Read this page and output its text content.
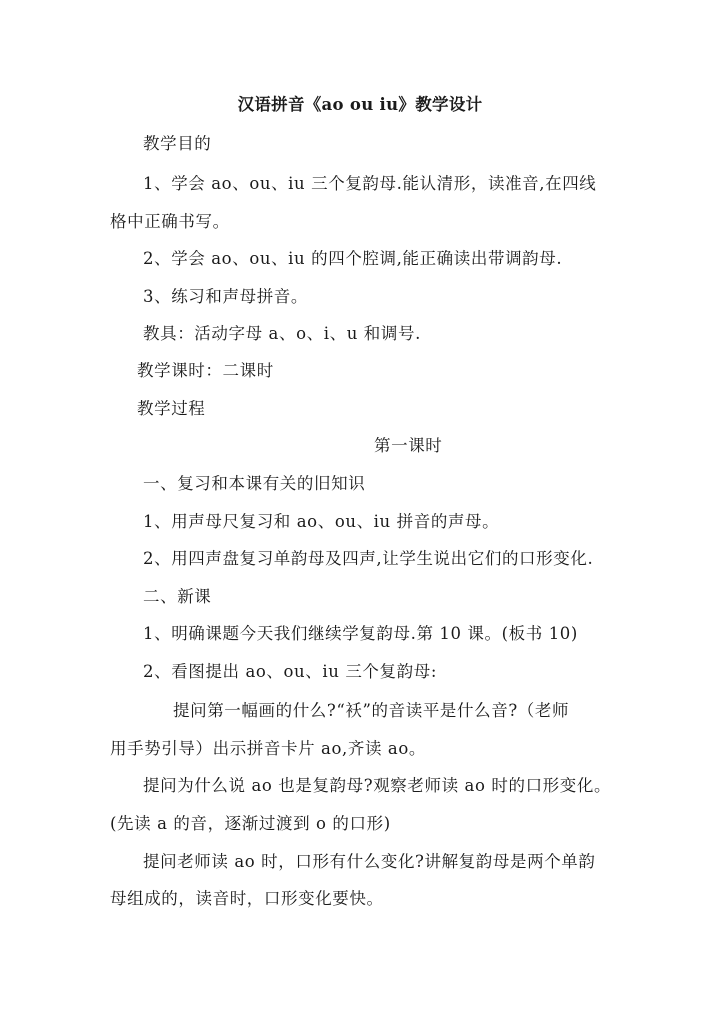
汉语拼音《ao ou iu》教学设计
教学目的
1、学会 ao、ou、iu 三个复韵母.能认清形，读准音,在四线
格中正确书写。
2、学会 ao、ou、iu 的四个腔调,能正确读出带调韵母.
3、练习和声母拼音。
教具：活动字母 a、o、i、u 和调号.
教学课时：二课时
教学过程
第一课时
一、复习和本课有关的旧知识
1、用声母尺复习和 ao、ou、iu 拼音的声母。
2、用四声盘复习单韵母及四声,让学生说出它们的口形变化.
二、新课
1、明确课题今天我们继续学复韵母.第 10 课。(板书 10)
2、看图提出 ao、ou、iu 三个复韵母:
提问第一幅画的什么?“袄”的音读平是什么音?（老师
用手势引导）出示拼音卡片 ao,齐读 ao。
提问为什么说 ao 也是复韵母?观察老师读 ao 时的口形变化。
(先读 a 的音，逐渐过渡到 o 的口形)
提问老师读 ao 时，口形有什么变化?讲解复韵母是两个单韵
母组成的，读音时，口形变化要快。
